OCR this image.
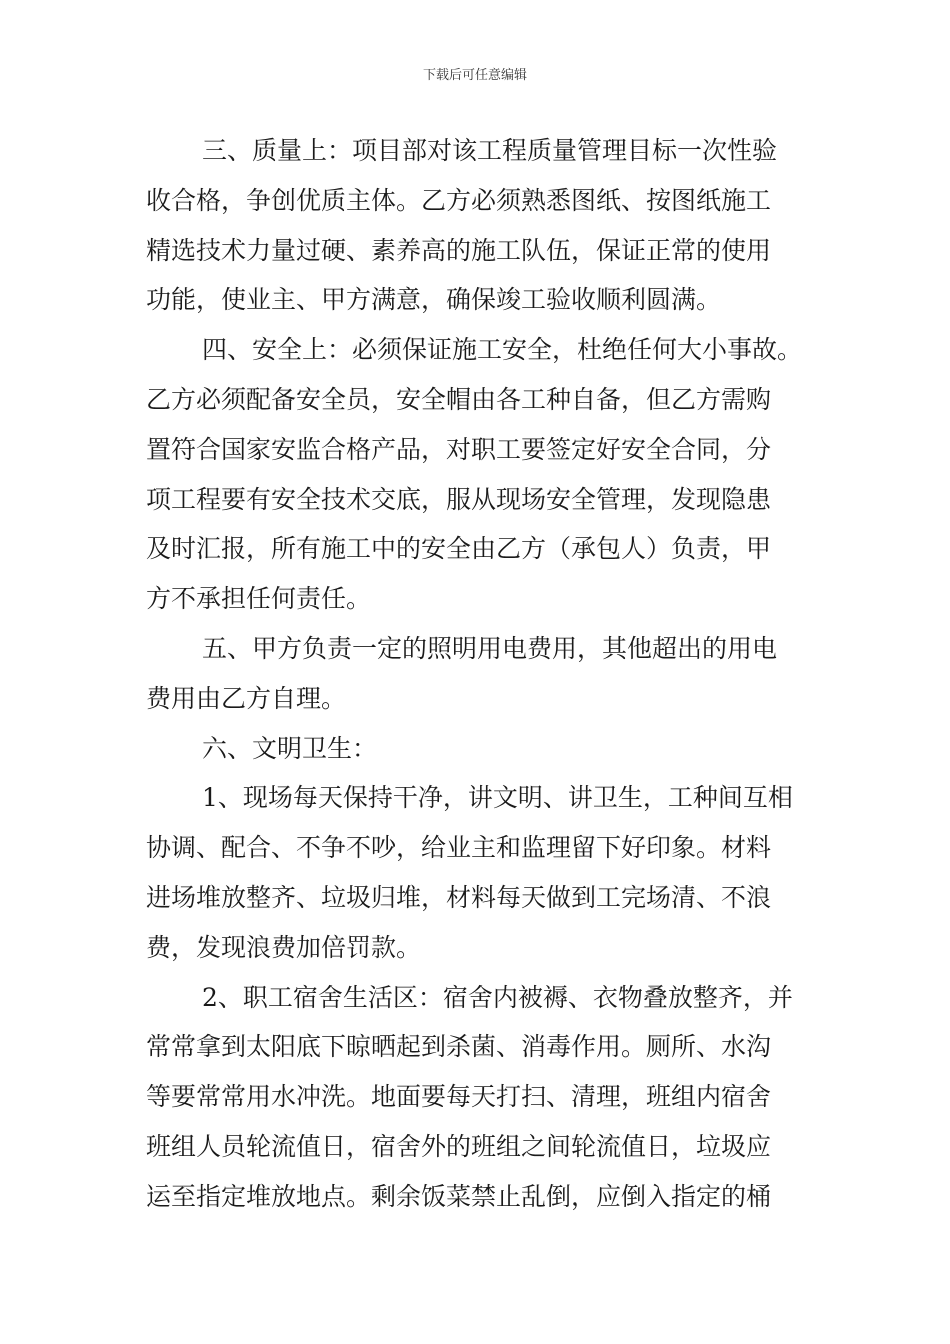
下载后可任意编辑
三、质量上：项目部对该工程质量管理目标一次性验
收合格，争创优质主体。乙方必须熟悉图纸、按图纸施工
精选技术力量过硬、素养高的施工队伍，保证正常的使用
功能，使业主、甲方满意，确保竣工验收顺利圆满。
四、安全上：必须保证施工安全，杜绝任何大小事故。
乙方必须配备安全员，安全帽由各工种自备，但乙方需购
置符合国家安监合格产品，对职工要签定好安全合同，分
项工程要有安全技术交底，服从现场安全管理，发现隐患
及时汇报，所有施工中的安全由乙方（承包人）负责，甲
方不承担任何责任。
五、甲方负责一定的照明用电费用，其他超出的用电
费用由乙方自理。
六、文明卫生：
1、现场每天保持干净，讲文明、讲卫生，工种间互相
协调、配合、不争不吵，给业主和监理留下好印象。材料
进场堆放整齐、垃圾归堆，材料每天做到工完场清、不浪
费，发现浪费加倍罚款。
2、职工宿舍生活区：宿舍内被褥、衣物叠放整齐，并
常常拿到太阳底下晾晒起到杀菌、消毒作用。厕所、水沟
等要常常用水冲洗。地面要每天打扫、清理，班组内宿舍
班组人员轮流值日，宿舍外的班组之间轮流值日，垃圾应
运至指定堆放地点。剩余饭菜禁止乱倒，应倒入指定的桶
